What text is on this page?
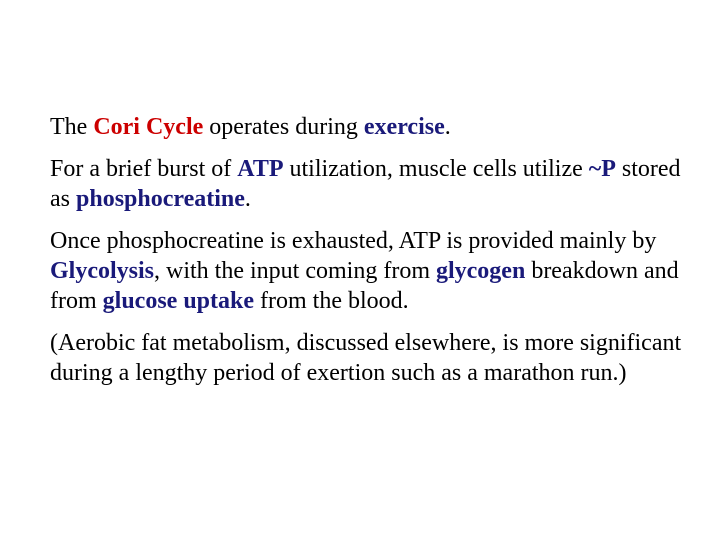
The Cori Cycle operates during exercise.

For a brief burst of ATP utilization, muscle cells utilize ~P stored as phosphocreatine.

Once phosphocreatine is exhausted, ATP is provided mainly by Glycolysis, with the input coming from glycogen breakdown and from glucose uptake from the blood.

(Aerobic fat metabolism, discussed elsewhere, is more significant during a lengthy period of exertion such as a marathon run.)
